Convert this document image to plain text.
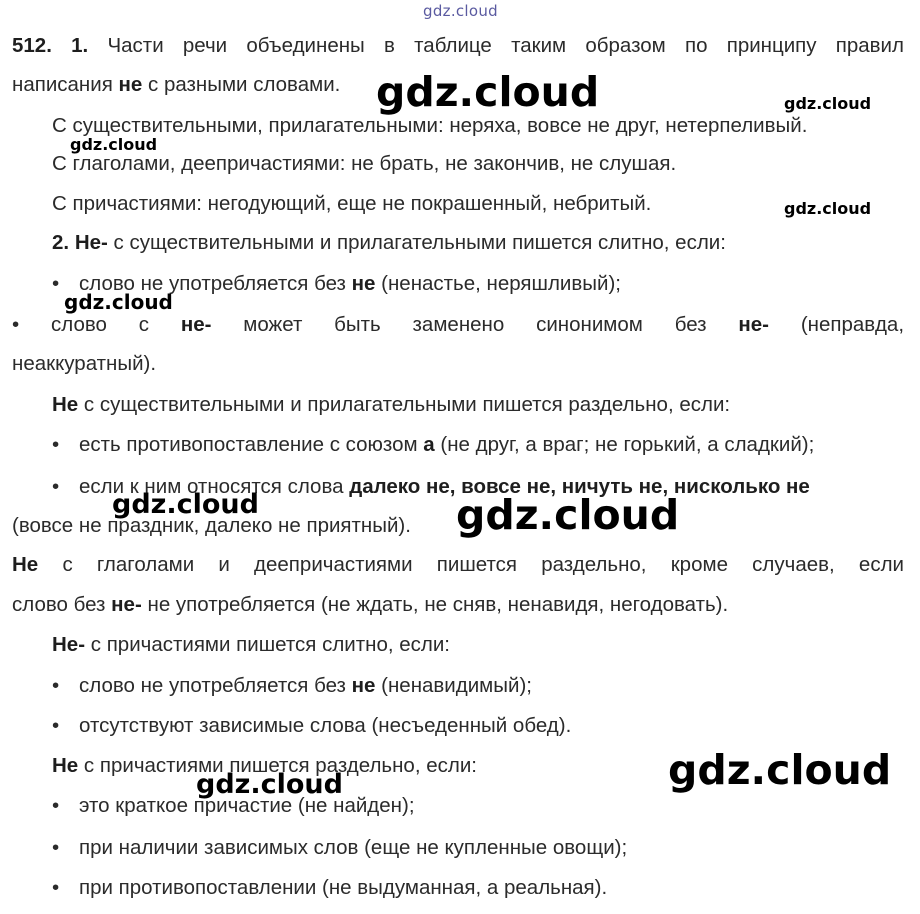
gdz.cloud
512. 1. Части речи объединены в таблице таким образом по принципу правил
написания не с разными словами.
С существительными, прилагательными: неряха, вовсе не друг, нетерпеливый.
С глаголами, деепричастиями: не брать, не закончив, не слушая.
С причастиями: негодующий, еще не покрашенный, небритый.
2. Не- с существительными и прилагательными пишется слитно, если:
• слово не употребляется без не (ненастье, неряшливый);
• слово с не- может быть заменено синонимом без не- (неправда,
неаккуратный).
Не с существительными и прилагательными пишется раздельно, если:
• есть противопоставление с союзом а (не друг, а враг; не горький, а сладкий);
• если к ним относятся слова далеко не, вовсе не, ничуть не, нисколько не
(вовсе не праздник, далеко не приятный).
Не с глаголами и деепричастиями пишется раздельно, кроме случаев, если
слово без не- не употребляется (не ждать, не сняв, ненавидя, негодовать).
Не- с причастиями пишется слитно, если:
• слово не употребляется без не (ненавидимый);
• отсутствуют зависимые слова (несъеденный обед).
Не с причастиями пишется раздельно, если:
• это краткое причастие (не найден);
• при наличии зависимых слов (еще не купленные овощи);
• при противопоставлении (не выдуманная, а реальная).
gdz.cloud	gdz.cloud
gdz.cloud
gdz.cloud
gdz.cloud
gdz.cloud	gdz.cloud
gdz.cloud	gdz.cloud
